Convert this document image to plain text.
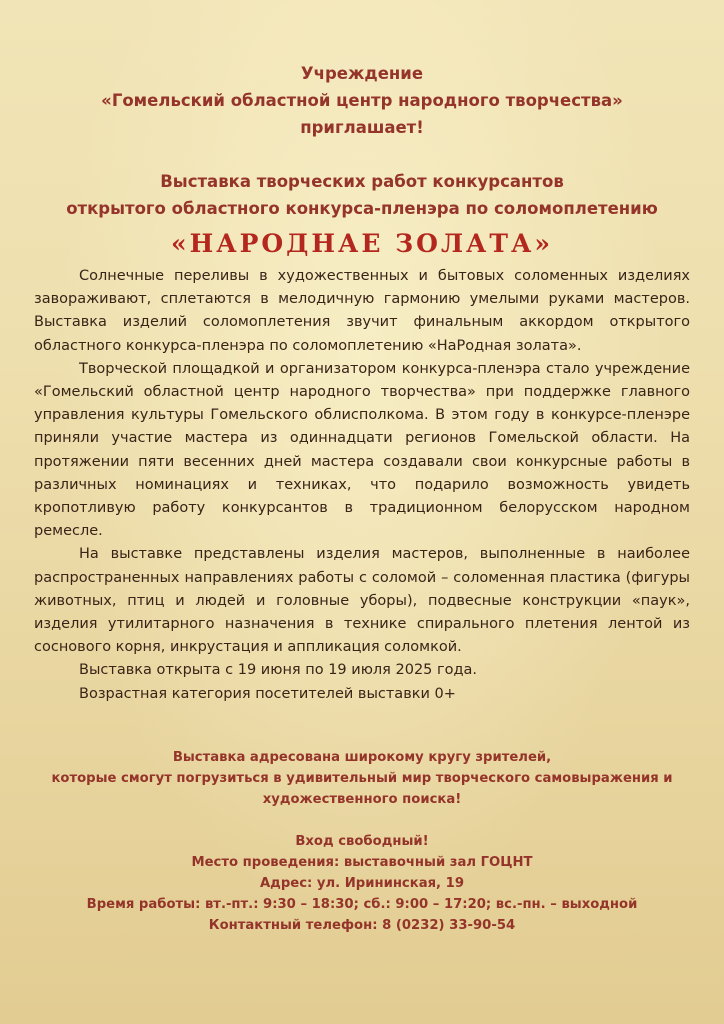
Учреждение
«Гомельский областной центр народного творчества»
приглашает!
Выставка творческих работ конкурсантов
открытого областного конкурса-пленэра по соломоплетению
«НАРОДНАЕ ЗОЛАТА»

Солнечные переливы в художественных и бытовых соломенных изделиях завораживают, сплетаются в мелодичную гармонию умелыми руками мастеров. Выставка изделий соломоплетения звучит финальным аккордом открытого областного конкурса-пленэра по соломоплетению «НаРодная золата».

Творческой площадкой и организатором конкурса-пленэра стало учреждение «Гомельский областной центр народного творчества» при поддержке главного управления культуры Гомельского облисполкома. В этом году в конкурсе-пленэре приняли участие мастера из одиннадцати регионов Гомельской области. На протяжении пяти весенних дней мастера создавали свои конкурсные работы в различных номинациях и техниках, что подарило возможность увидеть кропотливую работу конкурсантов в традиционном белорусском народном ремесле.

На выставке представлены изделия мастеров, выполненные в наиболее распространенных направлениях работы с соломой – соломенная пластика (фигуры животных, птиц и людей и головные уборы), подвесные конструкции «паук», изделия утилитарного назначения в технике спирального плетения лентой из соснового корня, инкрустация и аппликация соломкой.

Выставка открыта с 19 июня по 19 июля 2025 года.

Возрастная категория посетителей выставки 0+

Выставка адресована широкому кругу зрителей,
которые смогут погрузиться в удивительный мир творческого самовыражения и художественного поиска!
Вход свободный!
Место проведения: выставочный зал ГОЦНТ
Адрес: ул. Ирининская, 19
Время работы: вт.-пт.: 9:30 – 18:30; сб.: 9:00 – 17:20; вс.-пн. – выходной
Контактный телефон: 8 (0232) 33-90-54
